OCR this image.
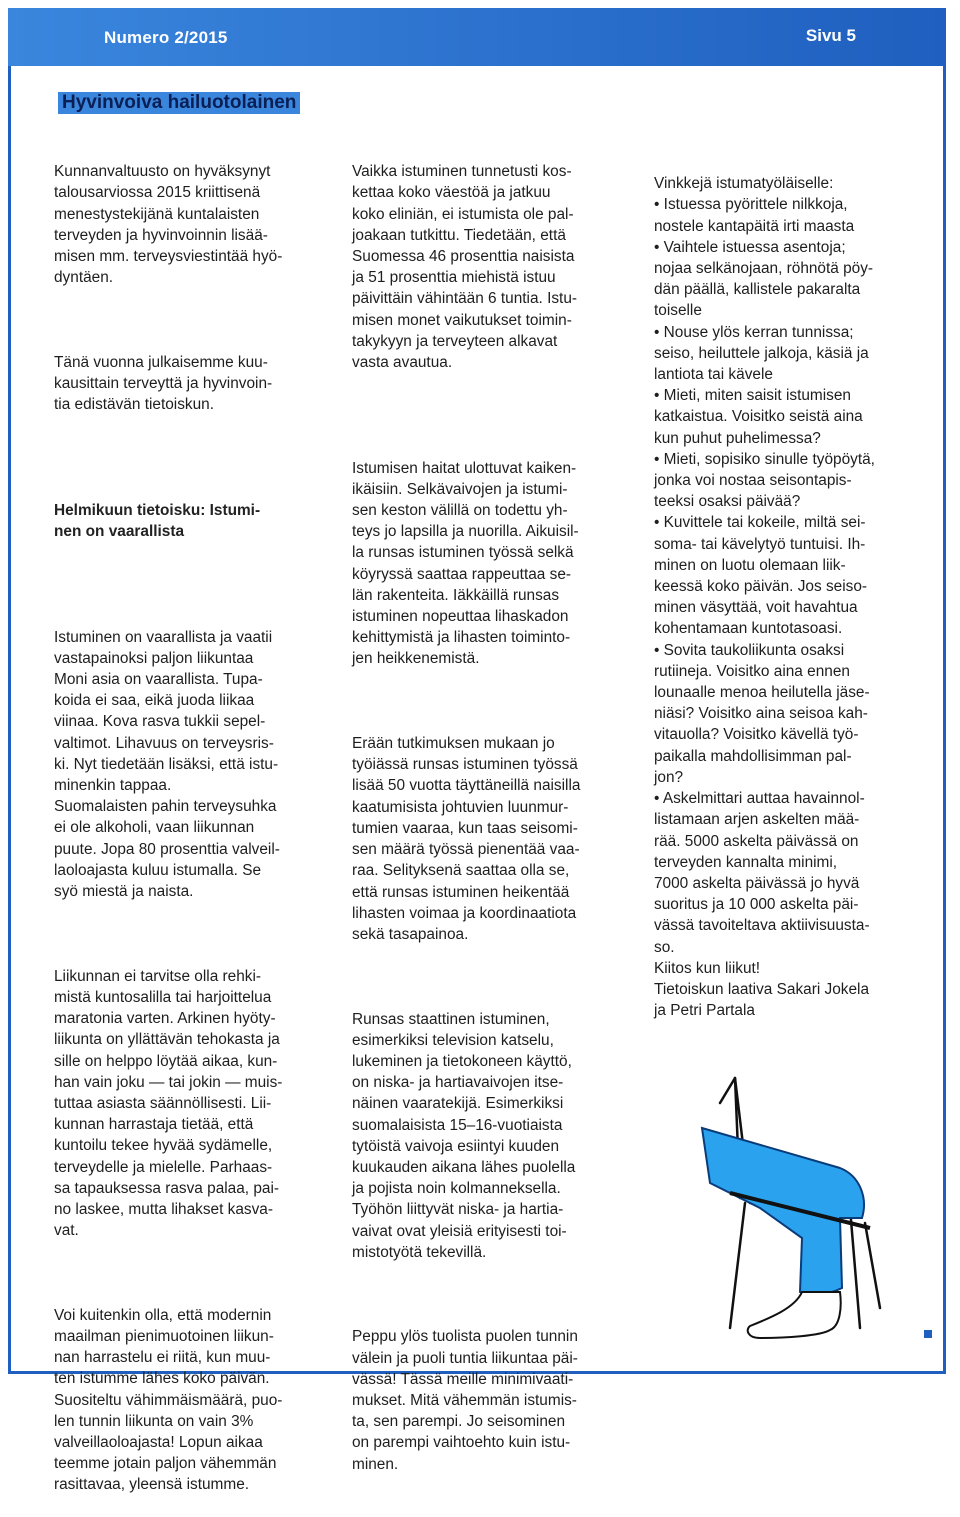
Numero 2/2015	Sivu 5
Hyvinvoiva hailuotolainen

Kunnanvaltuusto on hyväksynyt
talousarviossa 2015 kriittisenä
menestystekijänä kuntalaisten
terveyden ja hyvinvoinnin lisää-
misen mm. terveysviestintää hyö-
dyntäen.

Tänä vuonna julkaisemme kuu-
kausittain terveyttä ja hyvinvoin-
tia edistävän tietoiskun.

Helmikuun tietoisku: Istumi-
nen on vaarallista

Istuminen on vaarallista ja vaatii
vastapainoksi paljon liikuntaa
Moni asia on vaarallista. Tupa-
koida ei saa, eikä juoda liikaa
viinaa. Kova rasva tukkii sepel-
valtimot. Lihavuus on terveysris-
ki. Nyt tiedetään lisäksi, että istu-
minenkin tappaa.
Suomalaisten pahin terveysuhka
ei ole alkoholi, vaan liikunnan
puute. Jopa 80 prosenttia valveil-
laoloajasta kuluu istumalla. Se
syö miestä ja naista.

Liikunnan ei tarvitse olla rehki-
mistä kuntosalilla tai harjoittelua
maratonia varten. Arkinen hyöty-
liikunta on yllättävän tehokasta ja
sille on helppo löytää aikaa, kun-
han vain joku — tai jokin — muis-
tuttaa asiasta säännöllisesti. Lii-
kunnan harrastaja tietää, että
kuntoilu tekee hyvää sydämelle,
terveydelle ja mielelle. Parhaas-
sa tapauksessa rasva palaa, pai-
no laskee, mutta lihakset kasva-
vat.

Voi kuitenkin olla, että modernin
maailman pienimuotoinen liikun-
nan harrastelu ei riitä, kun muu-
ten istumme lähes koko päivän.
Suositeltu vähimmäismäärä, puo-
len tunnin liikunta on vain 3%
valveillaoloajasta! Lopun aikaa
teemme jotain paljon vähemmän
rasittavaa, yleensä istumme.

Vaikka istuminen tunnetusti kos-
kettaa koko väestöä ja jatkuu
koko eliniän, ei istumista ole pal-
joakaan tutkittu. Tiedetään, että
Suomessa 46 prosenttia naisista
ja 51 prosenttia miehistä istuu
päivittäin vähintään 6 tuntia. Istu-
misen monet vaikutukset toimin-
takykyyn ja terveyteen alkavat
vasta avautua.

Istumisen haitat ulottuvat kaiken-
ikäisiin. Selkävaivojen ja istumi-
sen keston välillä on todettu yh-
teys jo lapsilla ja nuorilla. Aikuisil-
la runsas istuminen työssä selkä
köyryssä saattaa rappeuttaa se-
län rakenteita. Iäkkäillä runsas
istuminen nopeuttaa lihaskadon
kehittymistä ja lihasten toiminto-
jen heikkenemistä.

Erään tutkimuksen mukaan jo
työiässä runsas istuminen työssä
lisää 50 vuotta täyttäneillä naisilla
kaatumisista johtuvien luunmur-
tumien vaaraa, kun taas seisomi-
sen määrä työssä pienentää vaa-
raa. Selityksenä saattaa olla se,
että runsas istuminen heikentää
lihasten voimaa ja koordinaatiota
sekä tasapainoa.

Runsas staattinen istuminen,
esimerkiksi television katselu,
lukeminen ja tietokoneen käyttö,
on niska- ja hartiavaivojen itse-
näinen vaaratekijä. Esimerkiksi
suomalaisista 15–16-vuotiaista
tytöistä vaivoja esiintyi kuuden
kuukauden aikana lähes puolella
ja pojista noin kolmanneksella.
Työhön liittyvät niska- ja hartia-
vaivat ovat yleisiä erityisesti toi-
mistotyötä tekevillä.

Peppu ylös tuolista puolen tunnin
välein ja puoli tuntia liikuntaa päi-
vässä! Tässä meille minimivaati-
mukset. Mitä vähemmän istumis-
ta, sen parempi. Jo seisominen
on parempi vaihtoehto kuin istu-
minen.

Vinkkejä istumatyöläiselle:
• Istuessa pyörittele nilkkoja,
nostele kantapäitä irti maasta
• Vaihtele istuessa asentoja;
nojaa selkänojaan, röhnötä pöy-
dän päällä, kallistele pakaralta
toiselle
• Nouse ylös kerran tunnissa;
seiso, heiluttele jalkoja, käsiä ja
lantiota tai kävele
• Mieti, miten saisit istumisen
katkaistua. Voisitko seistä aina
kun puhut puhelimessa?
• Mieti, sopisiko sinulle työpöytä,
jonka voi nostaa seisontapis-
teeksi osaksi päivää?
• Kuvittele tai kokeile, miltä sei-
soma- tai kävelytyö tuntuisi. Ih-
minen on luotu olemaan liik-
keessä koko päivän. Jos seiso-
minen väsyttää, voit havahtua
kohentamaan kuntotasoasi.
• Sovita taukoliikunta osaksi
rutiineja. Voisitko aina ennen
lounaalle menoa heilutella jäse-
niäsi? Voisitko aina seisoa kah-
vitauolla? Voisitko kävellä työ-
paikalla mahdollisimman pal-
jon?
• Askelmittari auttaa havainnol-
listamaan arjen askelten mää-
rää. 5000 askelta päivässä on
terveyden kannalta minimi,
7000 askelta päivässä jo hyvä
suoritus ja 10 000 askelta päi-
vässä tavoiteltava aktiivisuusta-
so.
Kiitos kun liikut!
Tietoiskun laativa Sakari Jokela
ja Petri Partala
